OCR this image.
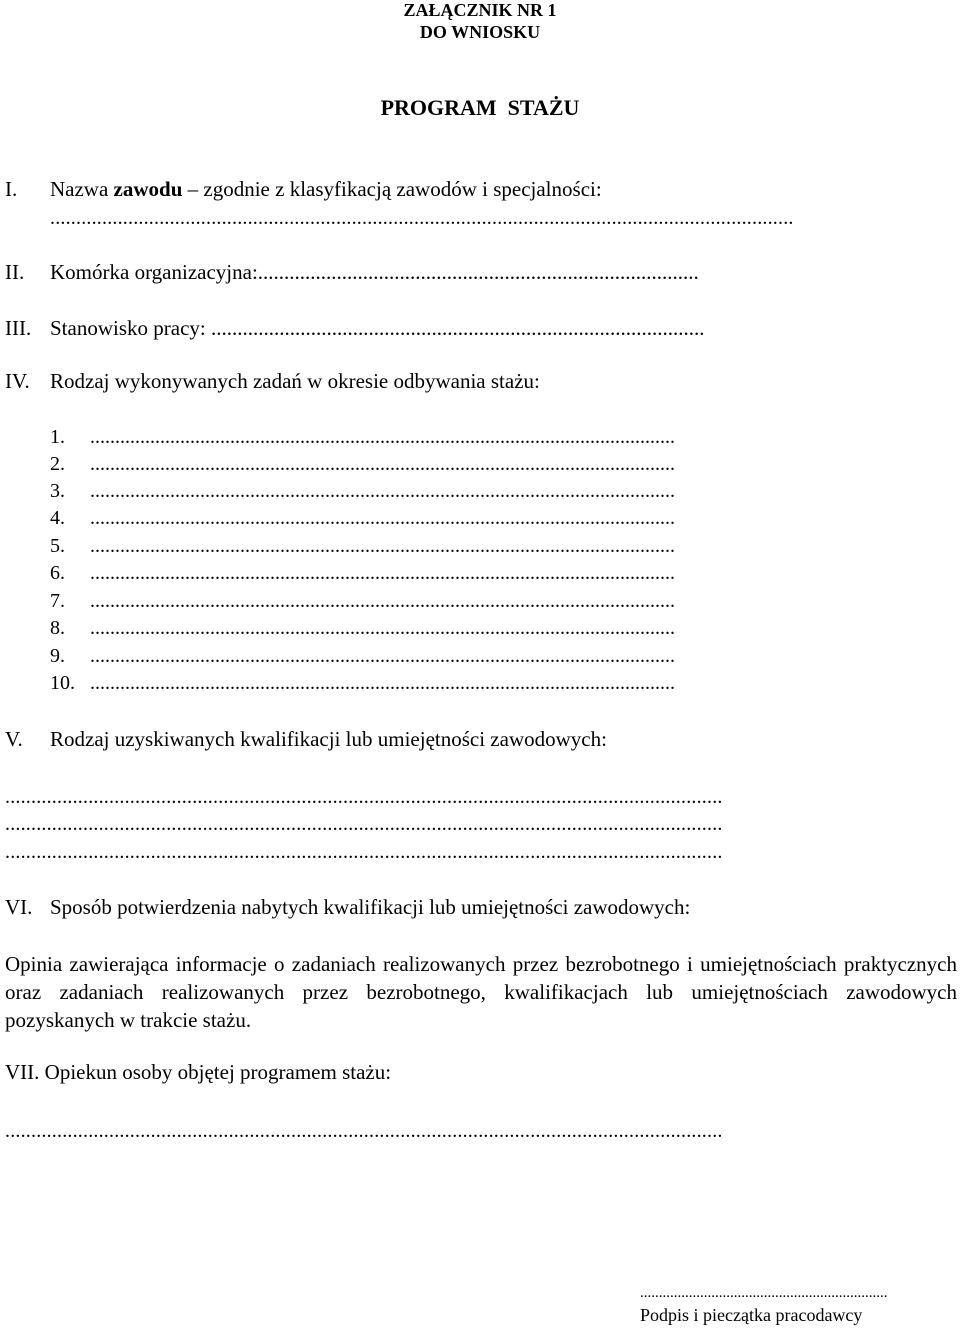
ZAŁĄCZNIK NR 1
DO WNIOSKU
PROGRAM  STAŻU
I. Nazwa zawodu – zgodnie z klasyfikacją zawodów i specjalności:
...............................................................................................................................................
II. Komórka organizacyjna:....................................................................................
III. Stanowisko pracy: ..............................................................................................
IV. Rodzaj wykonywanych zadań w okresie odbywania stażu:
1. .....................................................................................................................
2. .....................................................................................................................
3. .....................................................................................................................
4. .....................................................................................................................
5. .....................................................................................................................
6. .....................................................................................................................
7. .....................................................................................................................
8. .....................................................................................................................
9. .....................................................................................................................
10. .....................................................................................................................
V. Rodzaj uzyskiwanych kwalifikacji lub umiejętności zawodowych:
..........................................................................................................................................
..........................................................................................................................................
..........................................................................................................................................
VI. Sposób potwierdzenia nabytych kwalifikacji lub umiejętności zawodowych:
Opinia zawierająca informacje o zadaniach realizowanych przez bezrobotnego i umiejętnościach praktycznych oraz zadaniach realizowanych przez bezrobotnego, kwalifikacjach lub umiejętnościach zawodowych pozyskanych w trakcie stażu.
VII. Opiekun osoby objętej programem stażu:
..........................................................................................................................................
..................................................................
Podpis i pieczątka pracodawcy
